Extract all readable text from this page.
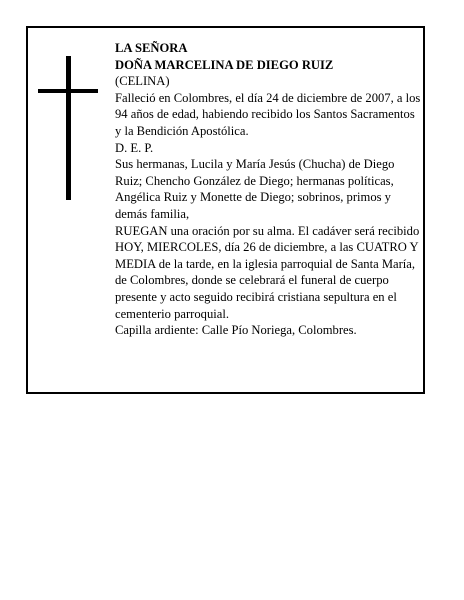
LA SEÑORA

DOÑA MARCELINA DE DIEGO RUIZ

(CELINA)

Falleció en Colombres, el día 24 de diciembre de 2007, a los 94 años de edad, habiendo recibido los Santos Sacramentos y la Bendición Apostólica.

D. E. P.

Sus hermanas, Lucila y María Jesús (Chucha) de Diego Ruiz; Chencho González de Diego; hermanas políticas, Angélica Ruiz y Monette de Diego; sobrinos, primos y demás familia,

RUEGAN una oración por su alma. El cadáver será recibido HOY, MIERCOLES, día 26 de diciembre, a las CUATRO Y MEDIA de la tarde, en la iglesia parroquial de Santa María, de Colombres, donde se celebrará el funeral de cuerpo presente y acto seguido recibirá cristiana sepultura en el cementerio parroquial.

Capilla ardiente: Calle Pío Noriega, Colombres.
